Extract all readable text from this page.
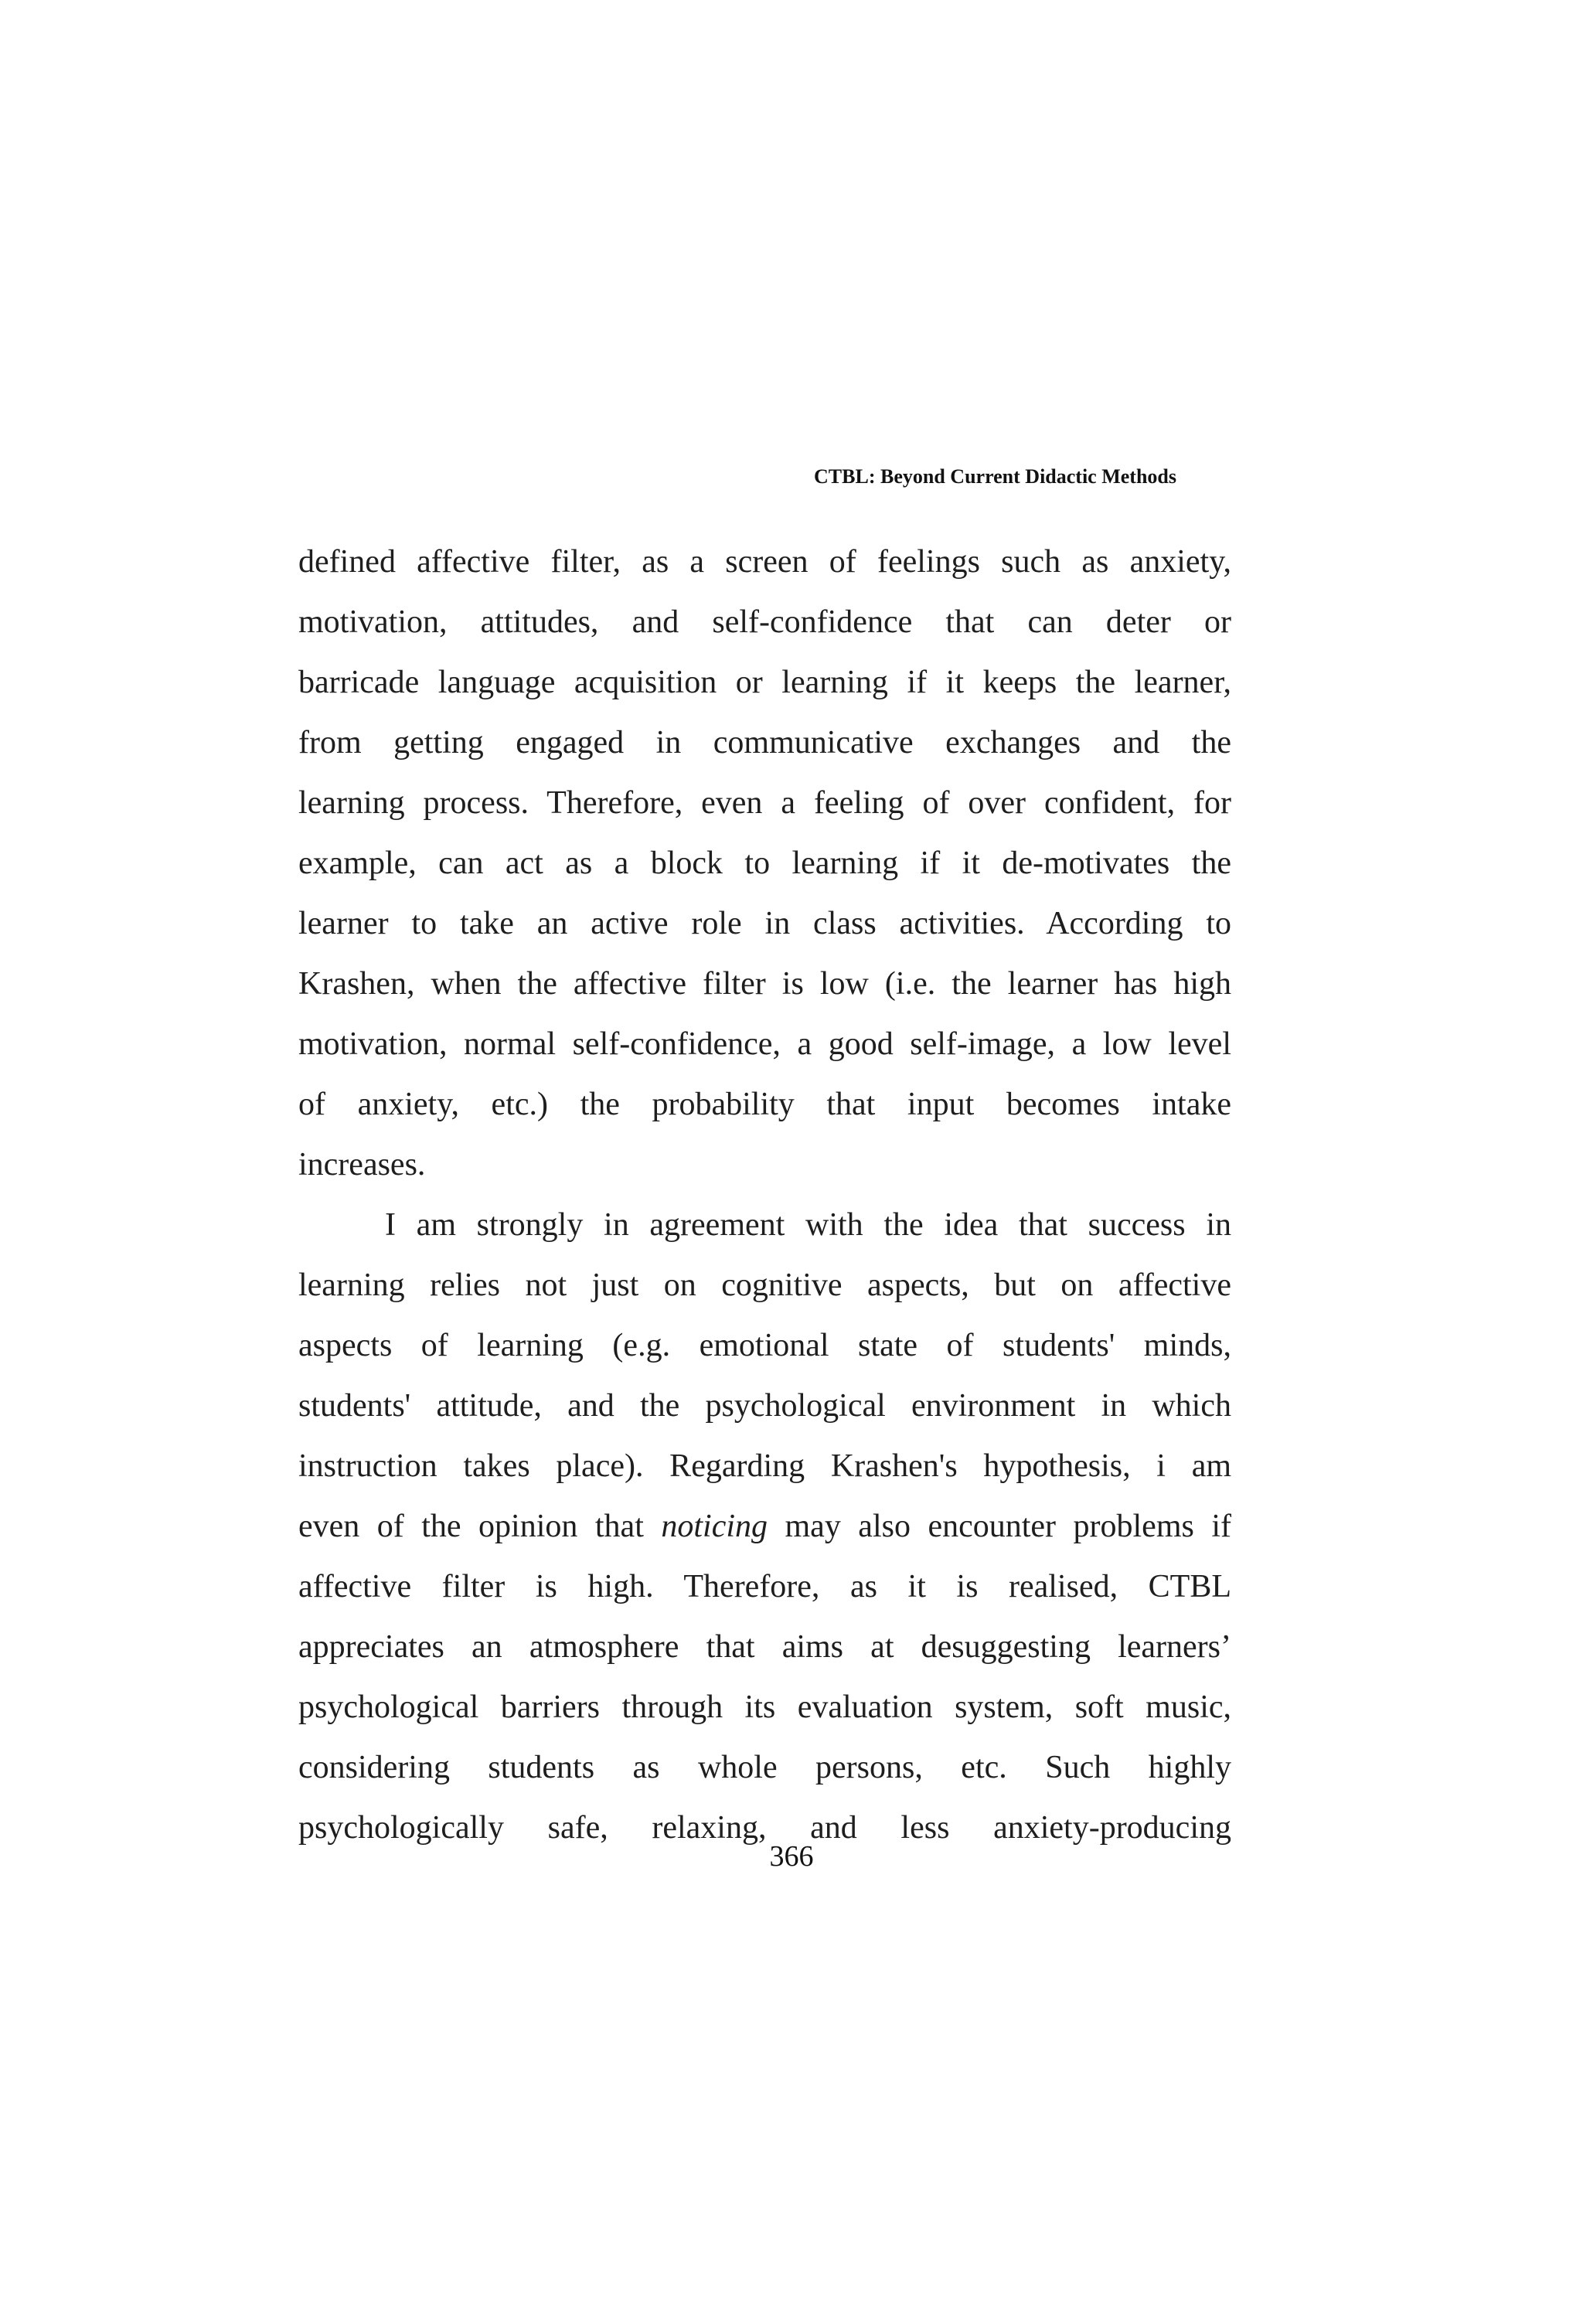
CTBL: Beyond Current Didactic Methods
defined affective filter, as a screen of feelings such as anxiety,
motivation, attitudes, and self-confidence that can deter or
barricade language acquisition or learning if it keeps the learner,
from getting engaged in communicative exchanges and the
learning process. Therefore, even a feeling of over confident, for
example, can act as a block to learning if it de-motivates the
learner to take an active role in class activities. According to
Krashen, when the affective filter is low (i.e. the learner has high
motivation, normal self-confidence, a good self-image, a low level
of anxiety, etc.) the probability that input becomes intake
increases.
I am strongly in agreement with the idea that success in
learning relies not just on cognitive aspects, but on affective
aspects of learning (e.g. emotional state of students' minds,
students' attitude, and the psychological environment in which
instruction takes place). Regarding Krashen's hypothesis, i am
even of the opinion that noticing may also encounter problems if
affective filter is high. Therefore, as it is realised, CTBL
appreciates an atmosphere that aims at desuggesting learners’
psychological barriers through its evaluation system, soft music,
considering students as whole persons, etc. Such highly
psychologically safe, relaxing, and less anxiety-producing
366
